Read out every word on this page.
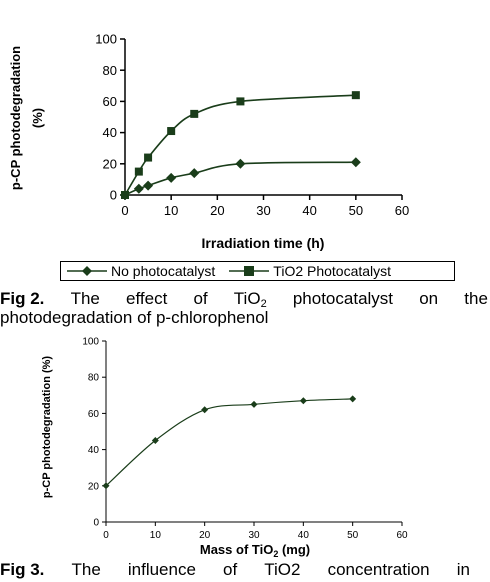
p-CP photodegradation (%)
0
20
40
60
80
100
0	10 20 30 40 50 60
Irradiation time (h)
No photocatalyst	TiO2 Photocatalyst
Fig 2. The effect of TiO$_2$ photocatalyst on the
photodegradation of p-chlorophenol
p-CP photodegradation (%)
0
20
40
60
80
100
0	10	20	30	40	50	60
Mass of TiO$_2$ (mg)
Fig 3. The influence of TiO2 concentration in
